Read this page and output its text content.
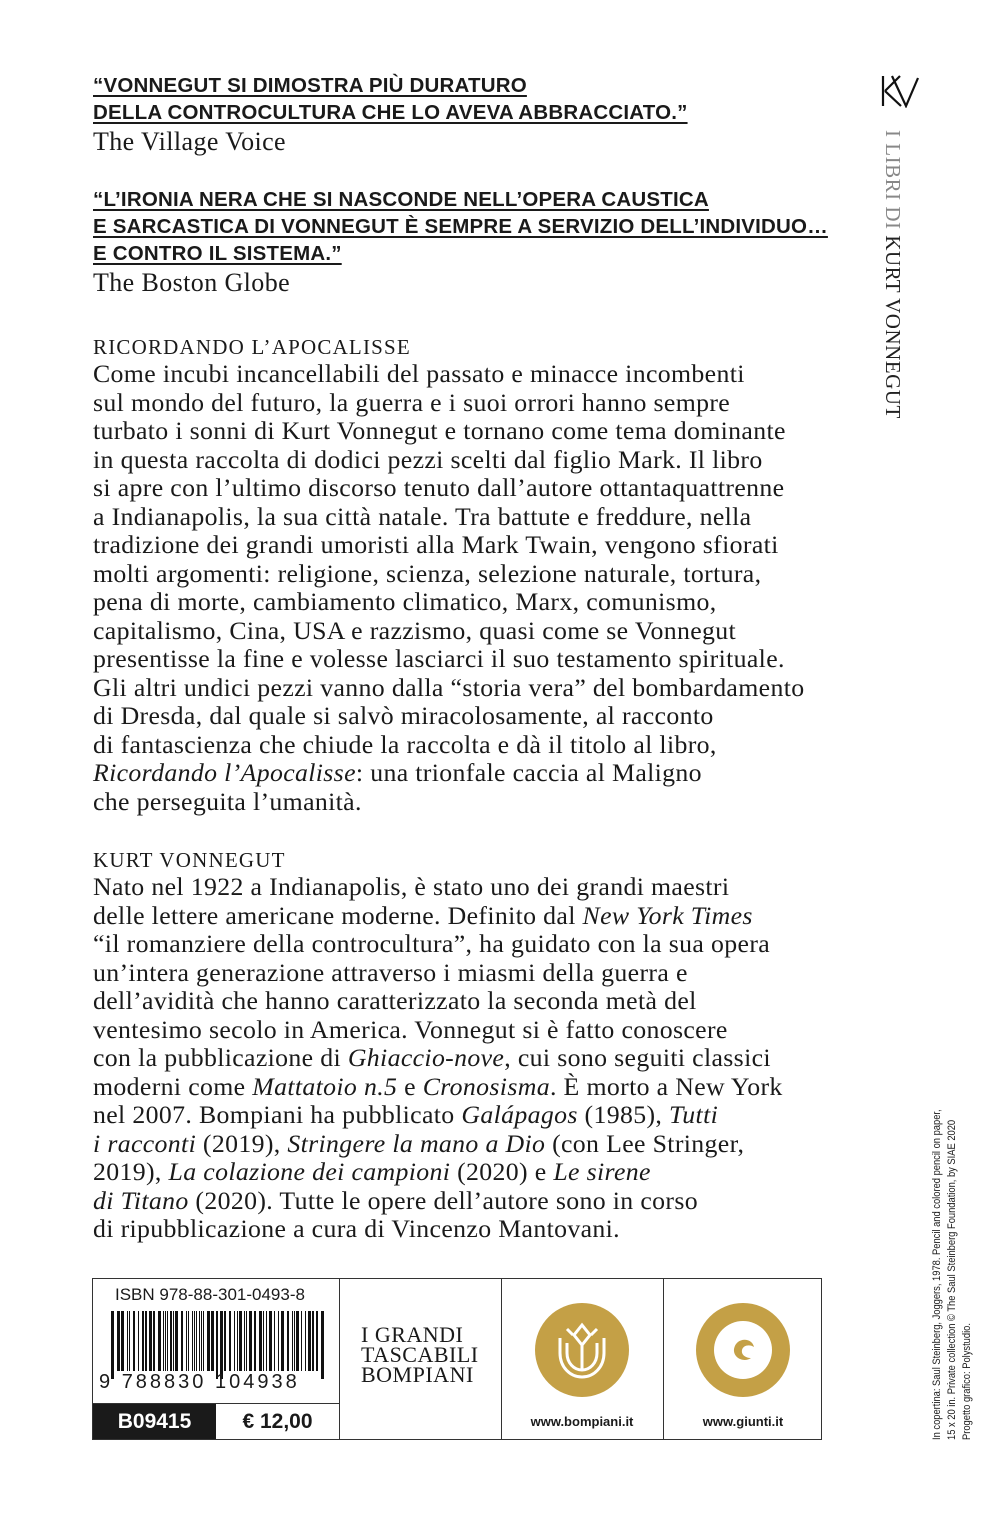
“VONNEGUT SI DIMOSTRA PIÙ DURATURO
DELLA CONTROCULTURA CHE LO AVEVA ABBRACCIATO.”
The Village Voice
“L’IRONIA NERA CHE SI NASCONDE NELL’OPERA CAUSTICA
E SARCASTICA DI VONNEGUT È SEMPRE A SERVIZIO DELL’INDIVIDUO…
E CONTRO IL SISTEMA.”
The Boston Globe
RICORDANDO L’APOCALISSE
Come incubi incancellabili del passato e minacce incombenti
sul mondo del futuro, la guerra e i suoi orrori hanno sempre
turbato i sonni di Kurt Vonnegut e tornano come tema dominante
in questa raccolta di dodici pezzi scelti dal figlio Mark. Il libro
si apre con l’ultimo discorso tenuto dall’autore ottantaquattrenne
a Indianapolis, la sua città natale. Tra battute e freddure, nella
tradizione dei grandi umoristi alla Mark Twain, vengono sfiorati
molti argomenti: religione, scienza, selezione naturale, tortura,
pena di morte, cambiamento climatico, Marx, comunismo,
capitalismo, Cina, USA e razzismo, quasi come se Vonnegut
presentisse la fine e volesse lasciarci il suo testamento spirituale.
Gli altri undici pezzi vanno dalla “storia vera” del bombardamento
di Dresda, dal quale si salvò miracolosamente, al racconto
di fantascienza che chiude la raccolta e dà il titolo al libro,
Ricordando l’Apocalisse: una trionfale caccia al Maligno
che perseguita l’umanità.
KURT VONNEGUT
Nato nel 1922 a Indianapolis, è stato uno dei grandi maestri
delle lettere americane moderne. Definito dal New York Times
“il romanziere della controcultura”, ha guidato con la sua opera
un’intera generazione attraverso i miasmi della guerra e
dell’avidità che hanno caratterizzato la seconda metà del
ventesimo secolo in America. Vonnegut si è fatto conoscere
con la pubblicazione di Ghiaccio-nove, cui sono seguiti classici
moderni come Mattatoio n.5 e Cronosisma. È morto a New York
nel 2007. Bompiani ha pubblicato Galápagos (1985), Tutti
i racconti (2019), Stringere la mano a Dio (con Lee Stringer,
2019), La colazione dei campioni (2020) e Le sirene
di Titano (2020). Tutte le opere dell’autore sono in corso
di ripubblicazione a cura di Vincenzo Mantovani.
I LIBRI DI KURT VONNEGUT
In copertina: Saul Steinberg, Joggers, 1978. Pencil and colored pencil on paper, 15 x 20 in. Private collection © The Saul Steinberg Foundation, by SIAE 2020 Progetto grafico: Polystudio.
ISBN 978-88-301-0493-8
9 788830 104938
B09415	€ 12,00
I GRANDI
TASCABILI
BOMPIANI
www.bompiani.it	www.giunti.it
